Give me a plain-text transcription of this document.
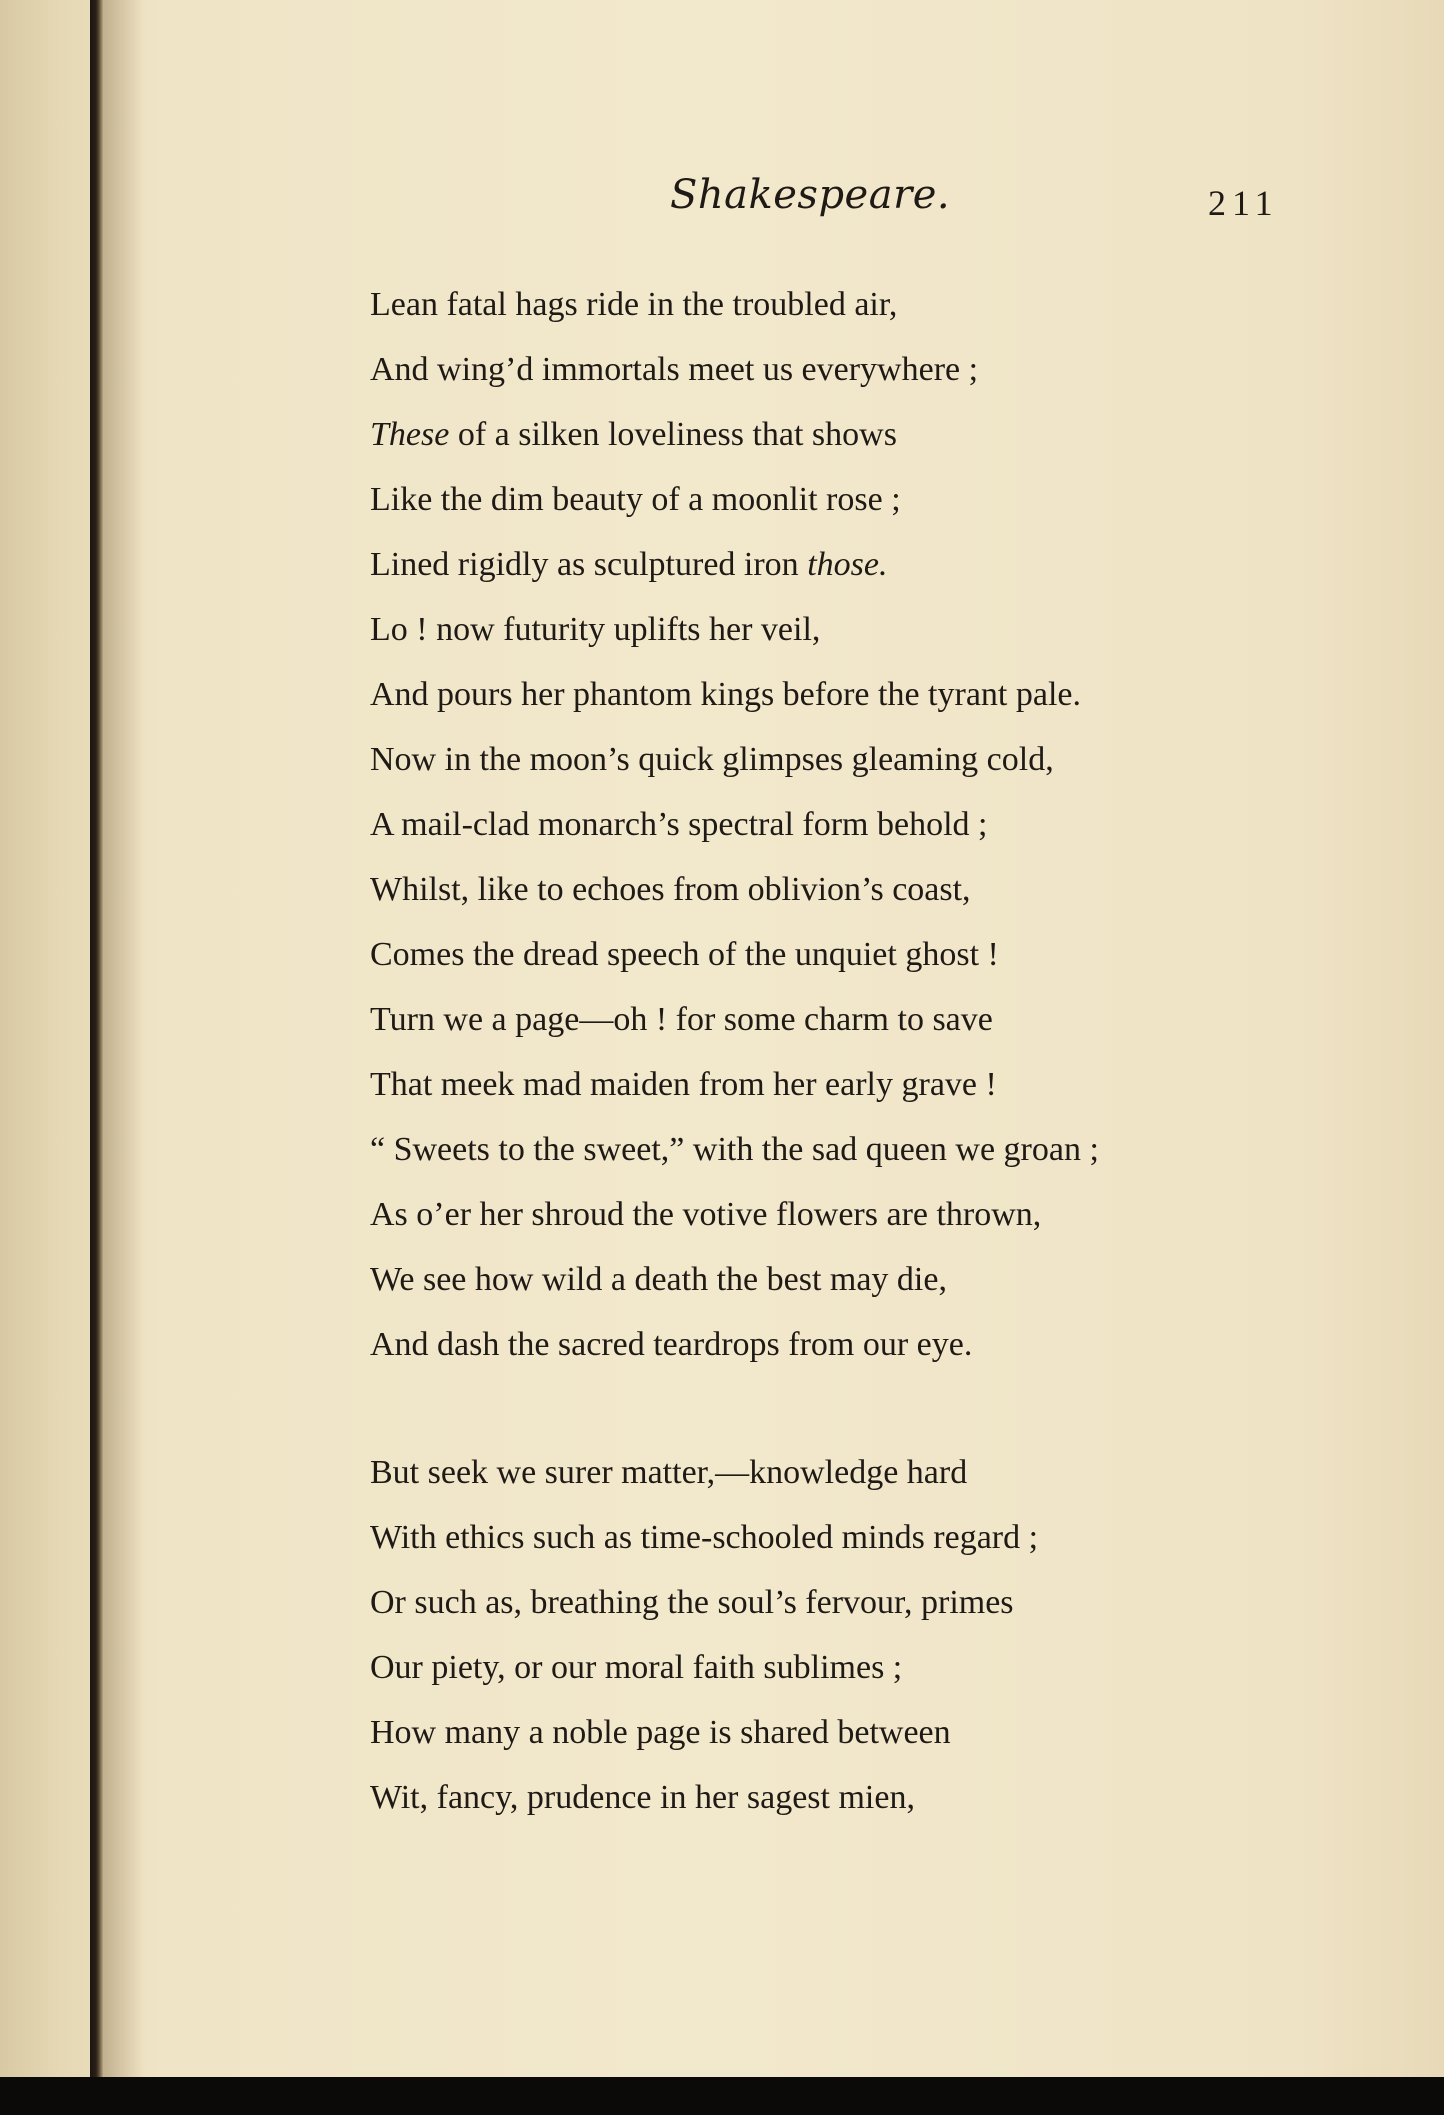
Shakespeare.	211
Lean fatal hags ride in the troubled air,
And wing’d immortals meet us everywhere ;
These of a silken loveliness that shows
Like the dim beauty of a moonlit rose ;
Lined rigidly as sculptured iron those.
Lo ! now futurity uplifts her veil,
And pours her phantom kings before the tyrant pale.
Now in the moon’s quick glimpses gleaming cold,
A mail-clad monarch’s spectral form behold ;
Whilst, like to echoes from oblivion’s coast,
Comes the dread speech of the unquiet ghost !
Turn we a page—oh ! for some charm to save
That meek mad maiden from her early grave !
“ Sweets to the sweet,” with the sad queen we groan ;
As o’er her shroud the votive flowers are thrown,
We see how wild a death the best may die,
And dash the sacred teardrops from our eye.
But seek we surer matter,—knowledge hard
With ethics such as time-schooled minds regard ;
Or such as, breathing the soul’s fervour, primes
Our piety, or our moral faith sublimes ;
How many a noble page is shared between
Wit, fancy, prudence in her sagest mien,
